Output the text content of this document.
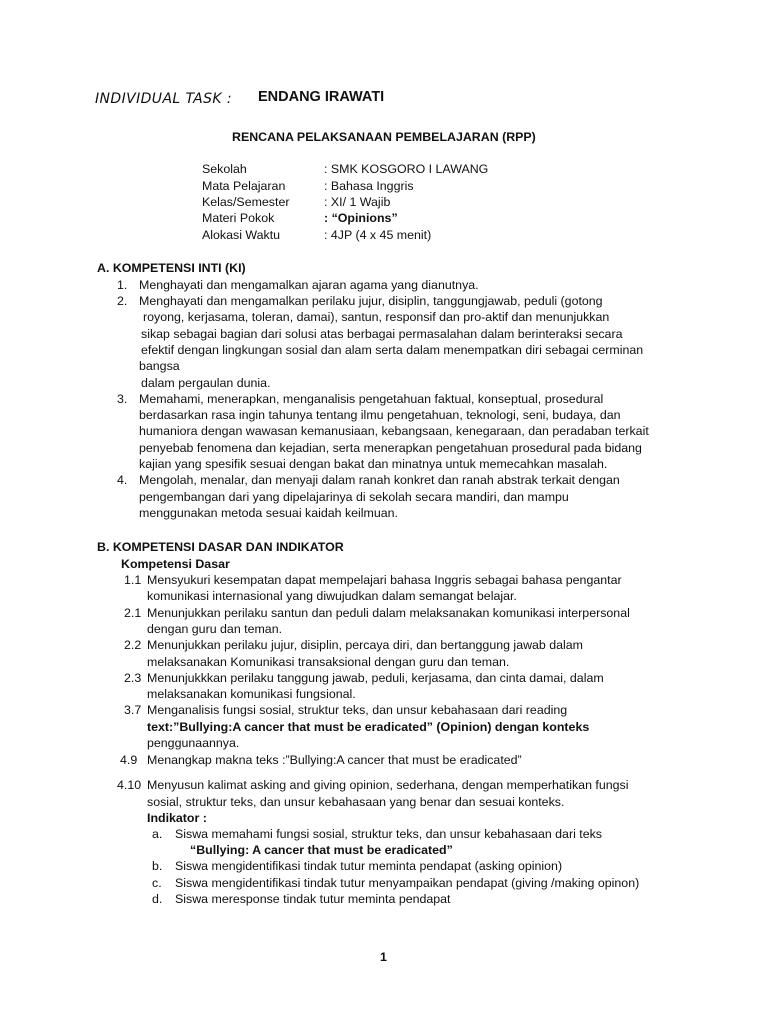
INDIVIDUAL TASK : ENDANG IRAWATI
RENCANA PELAKSANAAN PEMBELAJARAN (RPP)
Sekolah	: SMK KOSGORO I LAWANG
Mata Pelajaran	: Bahasa Inggris
Kelas/Semester	: XI/ 1 Wajib
Materi Pokok	: “Opinions”
Alokasi Waktu	: 4JP (4 x 45 menit)
A. KOMPETENSI INTI (KI)
1. Menghayati dan mengamalkan ajaran agama yang dianutnya.
2. Menghayati dan mengamalkan perilaku jujur, disiplin, tanggungjawab, peduli (gotong
royong, kerjasama, toleran, damai), santun, responsif dan pro-aktif dan menunjukkan
sikap sebagai bagian dari solusi atas berbagai permasalahan dalam berinteraksi secara
efektif dengan lingkungan sosial dan alam serta dalam menempatkan diri sebagai cerminan
bangsa
dalam pergaulan dunia.
3. Memahami, menerapkan, menganalisis pengetahuan faktual, konseptual, prosedural
berdasarkan rasa ingin tahunya tentang ilmu pengetahuan, teknologi, seni, budaya, dan
humaniora dengan wawasan kemanusiaan, kebangsaan, kenegaraan, dan peradaban terkait
penyebab fenomena dan kejadian, serta menerapkan pengetahuan prosedural pada bidang
kajian yang spesifik sesuai dengan bakat dan minatnya untuk memecahkan masalah.
4. Mengolah, menalar, dan menyaji dalam ranah konkret dan ranah abstrak terkait dengan
pengembangan dari yang dipelajarinya di sekolah secara mandiri, dan mampu
menggunakan metoda sesuai kaidah keilmuan.
B. KOMPETENSI DASAR DAN INDIKATOR
Kompetensi Dasar
1.1 Mensyukuri kesempatan dapat mempelajari bahasa Inggris sebagai bahasa pengantar
komunikasi internasional yang diwujudkan dalam semangat belajar.
2.1 Menunjukkan perilaku santun dan peduli dalam melaksanakan komunikasi interpersonal
dengan guru dan teman.
2.2 Menunjukkan perilaku jujur, disiplin, percaya diri, dan bertanggung jawab dalam
melaksanakan Komunikasi transaksional dengan guru dan teman.
2.3 Menunjukkkan perilaku tanggung jawab, peduli, kerjasama, dan cinta damai, dalam
melaksanakan komunikasi fungsional.
3.7 Menganalisis fungsi sosial, struktur teks, dan unsur kebahasaan dari reading
text:”Bullying:A cancer that must be eradicated” (Opinion) dengan konteks
penggunaannya.
4.9 Menangkap makna teks :”Bullying:A cancer that must be eradicated”
4.10 Menyusun kalimat asking and giving opinion, sederhana, dengan memperhatikan fungsi
sosial, struktur teks, dan unsur kebahasaan yang benar dan sesuai konteks.
Indikator :
a. Siswa memahami fungsi sosial, struktur teks, dan unsur kebahasaan dari teks
“Bullying: A cancer that must be eradicated”
b. Siswa mengidentifikasi tindak tutur meminta pendapat (asking opinion)
c. Siswa mengidentifikasi tindak tutur menyampaikan pendapat (giving /making opinon)
d. Siswa meresponse tindak tutur meminta pendapat
1
